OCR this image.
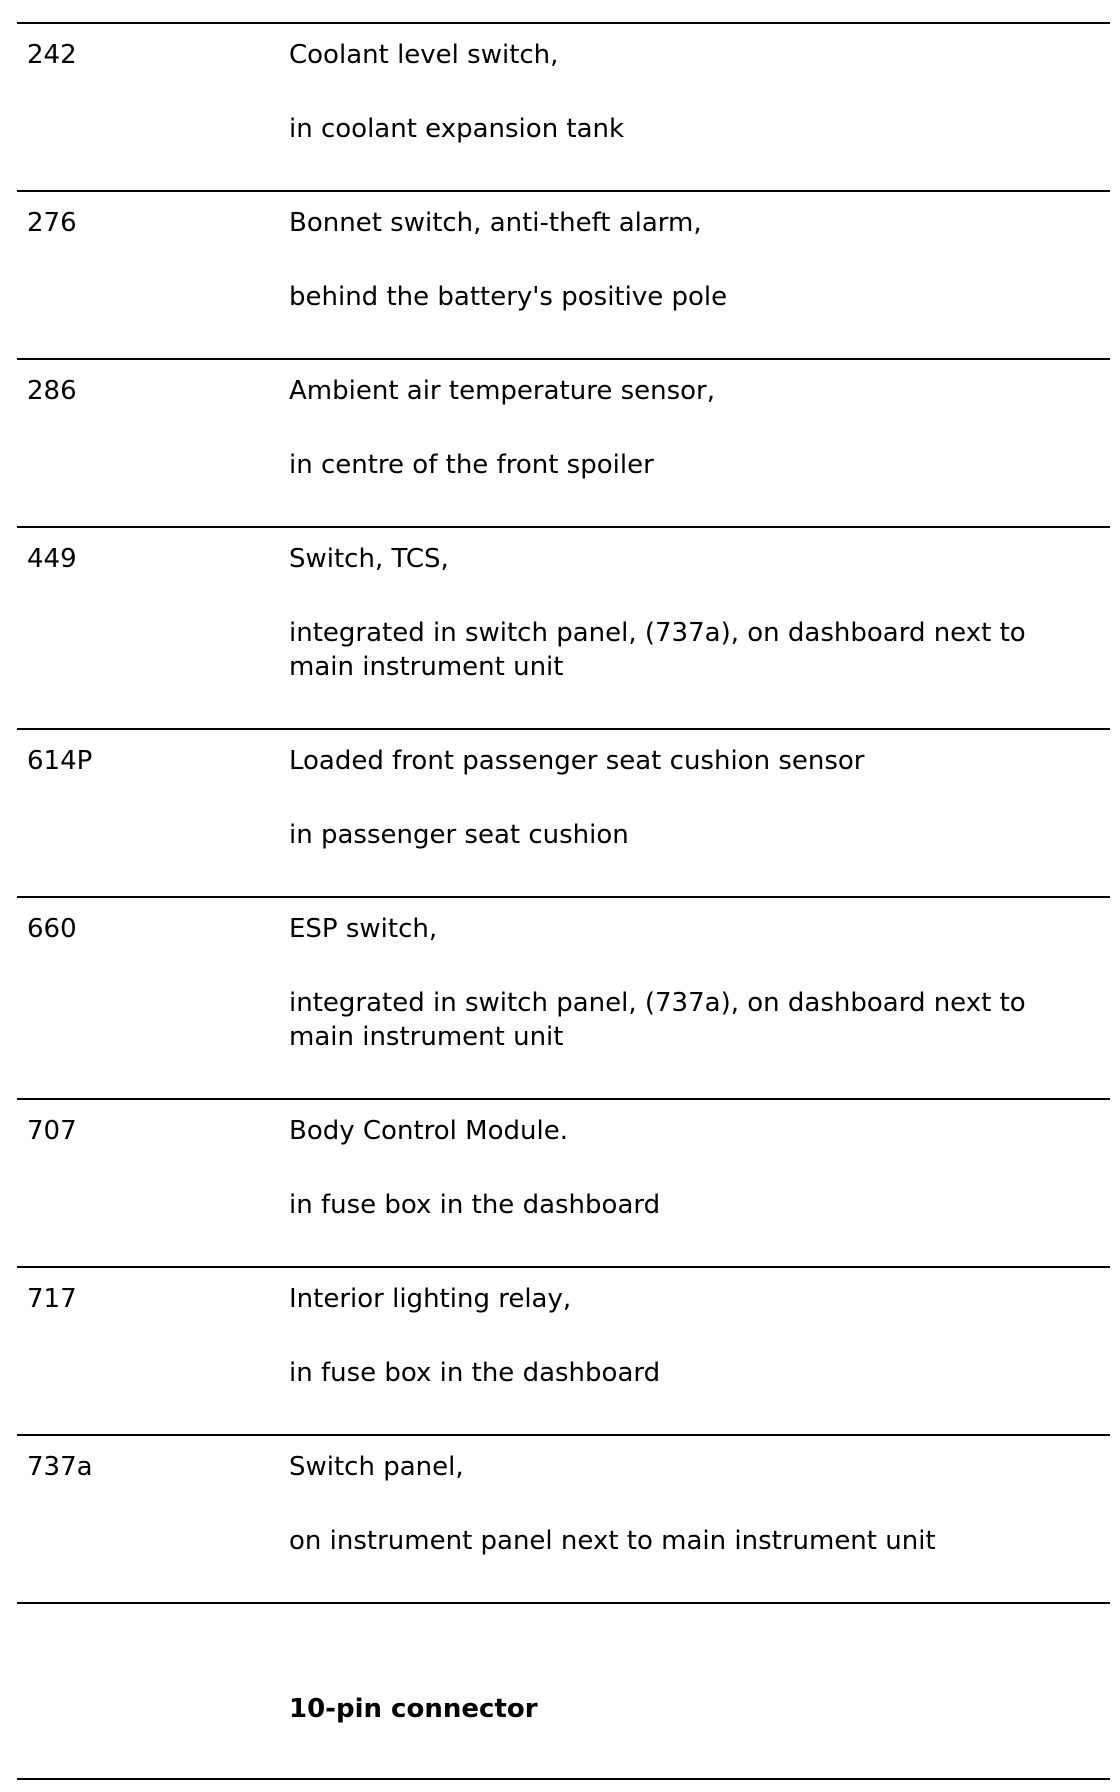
242	Coolant level switch,
in coolant expansion tank
276	Bonnet switch, anti-theft alarm,
behind the battery's positive pole
286	Ambient air temperature sensor,
in centre of the front spoiler
449	Switch, TCS,
integrated in switch panel, (737a), on dashboard next to main instrument unit
614P	Loaded front passenger seat cushion sensor
in passenger seat cushion
660	ESP switch,
integrated in switch panel, (737a), on dashboard next to main instrument unit
707	Body Control Module.
in fuse box in the dashboard
717	Interior lighting relay,
in fuse box in the dashboard
737a	Switch panel,
on instrument panel next to main instrument unit
10-pin connector
